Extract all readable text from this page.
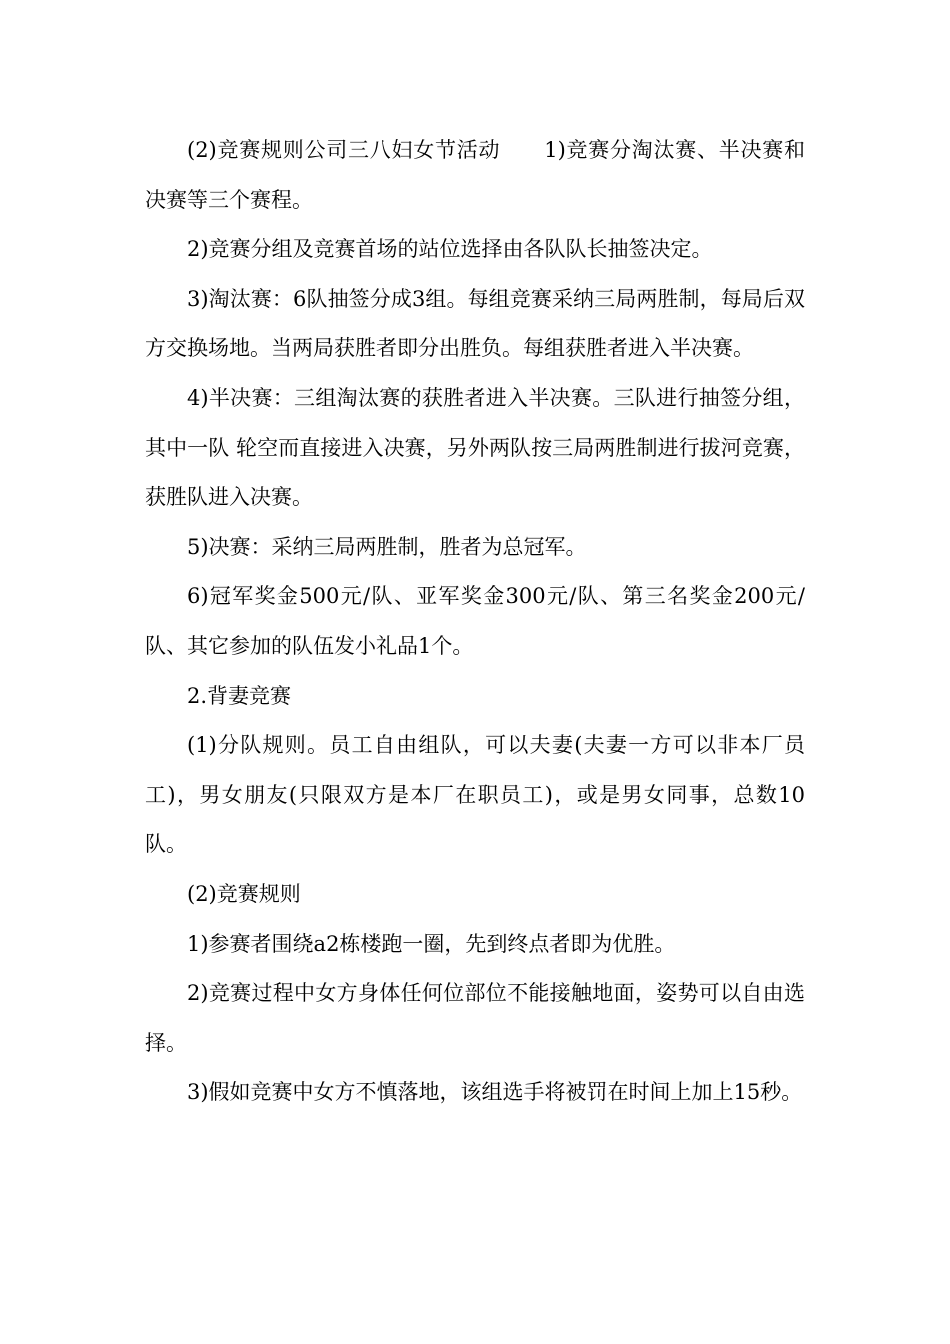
(2)竞赛规则公司三八妇女节活动 1)竞赛分淘汰赛、半决赛和决赛等三个赛程。

2)竞赛分组及竞赛首场的站位选择由各队队长抽签决定。

3)淘汰赛：6队抽签分成3组。每组竞赛采纳三局两胜制，每局后双方交换场地。当两局获胜者即分出胜负。每组获胜者进入半决赛。

4)半决赛：三组淘汰赛的获胜者进入半决赛。三队进行抽签分组，其中一队 轮空而直接进入决赛，另外两队按三局两胜制进行拔河竞赛，获胜队进入决赛。

5)决赛：采纳三局两胜制，胜者为总冠军。

6)冠军奖金500元/队、亚军奖金300元/队、第三名奖金200元/队、其它参加的队伍发小礼品1个。

2.背妻竞赛

(1)分队规则。员工自由组队，可以夫妻(夫妻一方可以非本厂员工)，男女朋友(只限双方是本厂在职员工)，或是男女同事，总数10队。

(2)竞赛规则

1)参赛者围绕a2栋楼跑一圈，先到终点者即为优胜。

2)竞赛过程中女方身体任何位部位不能接触地面，姿势可以自由选择。

3)假如竞赛中女方不慎落地，该组选手将被罚在时间上加上15秒。
